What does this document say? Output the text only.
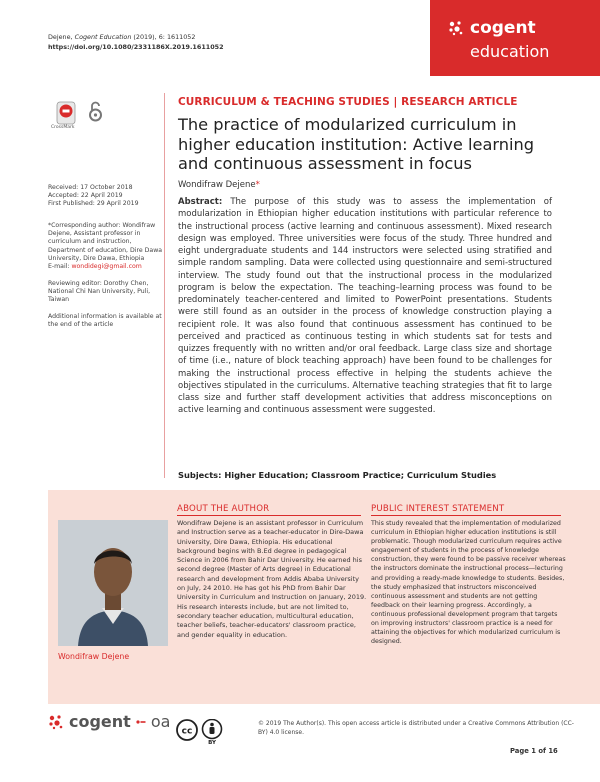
Dejene, Cogent Education (2019), 6: 1611052
https://doi.org/10.1080/2331186X.2019.1611052
cogent
education
CrossMark
Received: 17 October 2018
Accepted: 22 April 2019
First Published: 29 April 2019
*Corresponding author: Wondifraw Dejene, Assistant professor in curriculum and instruction, Department of education, Dire Dawa University, Dire Dawa, Ethiopia
E-mail: wondidegi@gmail.com
Reviewing editor: Dorothy Chen, National Chi Nan University, Puli, Taiwan
Additional information is available at the end of the article
CURRICULUM & TEACHING STUDIES | RESEARCH ARTICLE
The practice of modularized curriculum in higher education institution: Active learning and continuous assessment in focus
Wondifraw Dejene*
Abstract: The purpose of this study was to assess the implementation of modularization in Ethiopian higher education institutions with particular reference to the instructional process (active learning and continuous assessment). Mixed research design was employed. Three universities were focus of the study. Three hundred and eight undergraduate students and 144 instructors were selected using stratified and simple random sampling. Data were collected using questionnaire and semi-structured interview. The study found out that the instructional process in the modularized program is below the expectation. The teaching–learning process was found to be predominately teacher-centered and limited to PowerPoint presentations. Students were still found as an outsider in the process of knowledge construction playing a recipient role. It was also found that continuous assessment has continued to be perceived and practiced as continuous testing in which students sat for tests and quizzes frequently with no written and/or oral feedback. Large class size and shortage of time (i.e., nature of block teaching approach) have been found to be challenges for making the instructional process effective in helping the students achieve the objectives stipulated in the curriculums. Alternative teaching strategies that fit to large class size and further staff development activities that address misconceptions on active learning and continuous assessment were suggested.
Subjects: Higher Education; Classroom Practice; Curriculum Studies
Wondifraw Dejene
ABOUT THE AUTHOR
Wondifraw Dejene is an assistant professor in Curriculum and Instruction serve as a teacher-educator in Dire-Dawa University, Dire Dawa, Ethiopia. His educational background begins with B.Ed degree in pedagogical Science in 2006 from Bahir Dar University. He earned his second degree (Master of Arts degree) in Educational research and development from Addis Ababa University on July, 24 2010. He has got his PhD from Bahir Dar University in Curriculum and Instruction on January, 2019. His research interests include, but are not limited to, secondary teacher education, multicultural education, teacher beliefs, teacher-educators' classroom practice, and gender equality in education.
PUBLIC INTEREST STATEMENT
This study revealed that the implementation of modularized curriculum in Ethiopian higher education institutions is still problematic. Though modularized curriculum requires active engagement of students in the process of knowledge construction, they were found to be passive receiver whereas the instructors dominate the instructional process—lecturing and providing a ready-made knowledge to students. Besides, the study emphasized that instructors misconceived continuous assessment and students are not getting feedback on their learning progress. Accordingly, a continuous professional development program that targets on improving instructors' classroom practice is a need for attaining the objectives for which modularized curriculum is designed.
cogent oa
cc
BY
© 2019 The Author(s). This open access article is distributed under a Creative Commons Attribution (CC-BY) 4.0 license.
Page 1 of 16
